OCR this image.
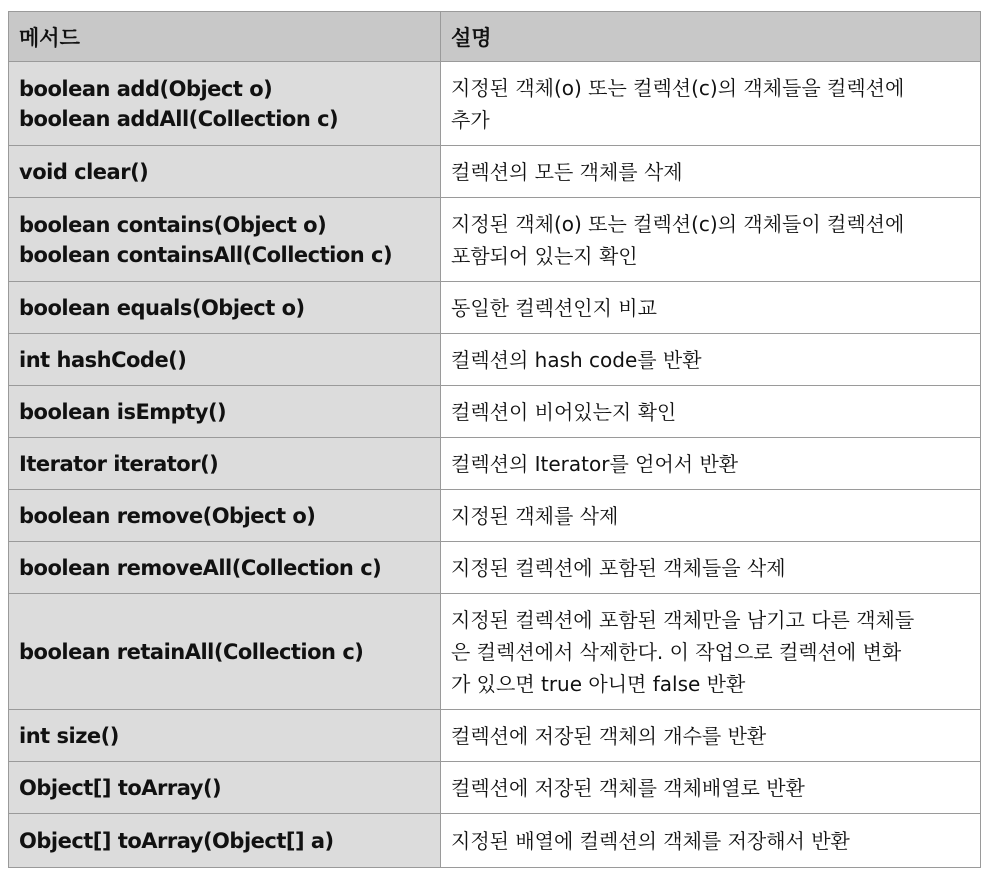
메서드	설명

boolean add(Object o)
boolean addAll(Collection c)	지정된 객체(o) 또는 컬렉션(c)의 객체들을 컬렉션에
추가

void clear()	컬렉션의 모든 객체를 삭제

boolean contains(Object o)
boolean containsAll(Collection c)	지정된 객체(o) 또는 컬렉션(c)의 객체들이 컬렉션에
포함되어 있는지 확인

boolean equals(Object o)	동일한 컬렉션인지 비교

int hashCode()	컬렉션의 hash code를 반환

boolean isEmpty()	컬렉션이 비어있는지 확인

Iterator iterator()	컬렉션의 Iterator를 얻어서 반환

boolean remove(Object o)	지정된 객체를 삭제

boolean removeAll(Collection c)	지정된 컬렉션에 포함된 객체들을 삭제

boolean retainAll(Collection c)	지정된 컬렉션에 포함된 객체만을 남기고 다른 객체들
은 컬렉션에서 삭제한다. 이 작업으로 컬렉션에 변화
가 있으면 true 아니면 false 반환

int size()	컬렉션에 저장된 객체의 개수를 반환

Object[] toArray()	컬렉션에 저장된 객체를 객체배열로 반환

Object[] toArray(Object[] a)	지정된 배열에 컬렉션의 객체를 저장해서 반환
